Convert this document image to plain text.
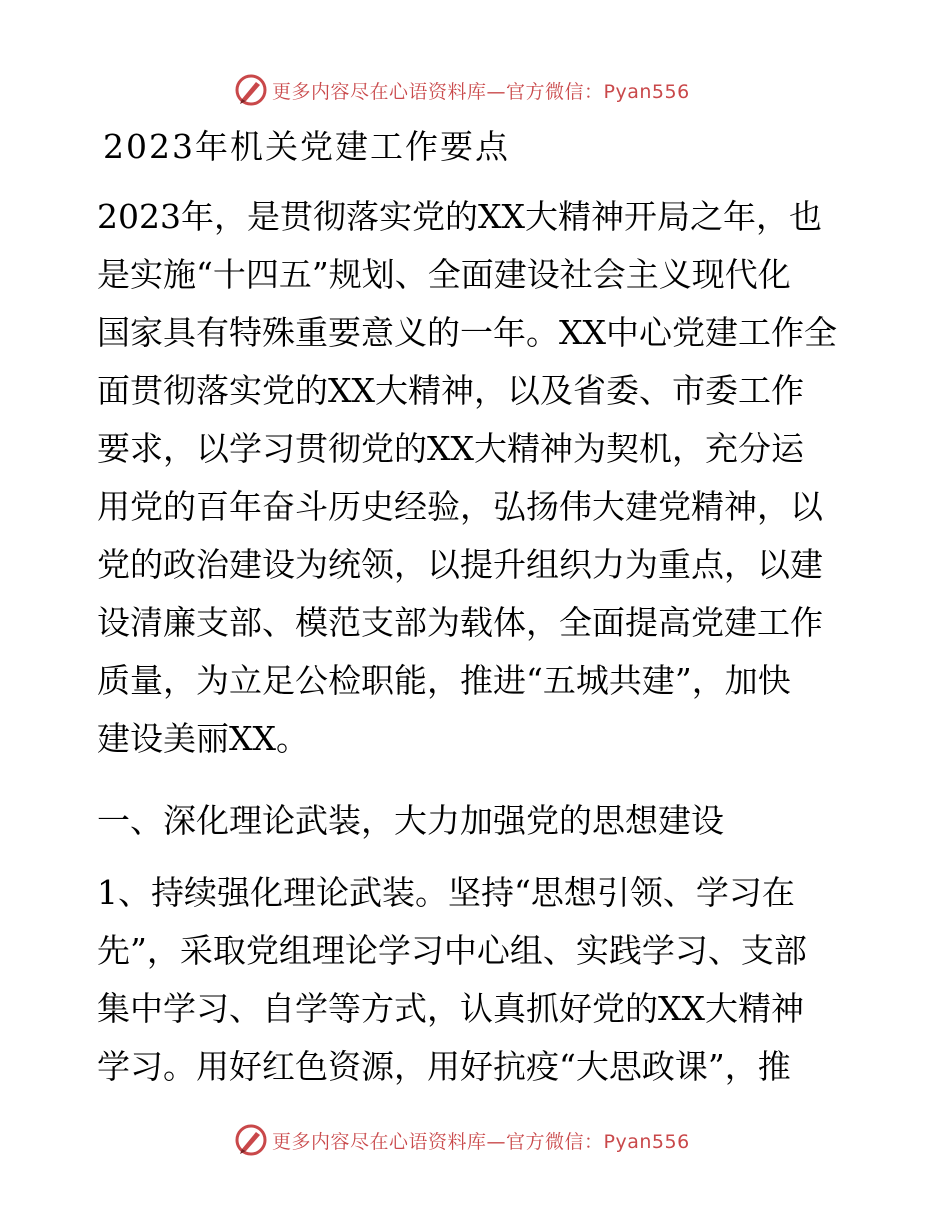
更多内容尽在心语资料库—官方微信：Pyan556
2023年机关党建工作要点
2023年，是贯彻落实党的XX大精神开局之年，也
是实施“十四五”规划、全面建设社会主义现代化
国家具有特殊重要意义的一年。XX中心党建工作全
面贯彻落实党的XX大精神，以及省委、市委工作
要求，以学习贯彻党的XX大精神为契机，充分运
用党的百年奋斗历史经验，弘扬伟大建党精神，以
党的政治建设为统领，以提升组织力为重点，以建
设清廉支部、模范支部为载体，全面提高党建工作
质量，为立足公检职能，推进“五城共建”，加快
建设美丽XX。
一、深化理论武装，大力加强党的思想建设
1、持续强化理论武装。坚持“思想引领、学习在
先”，采取党组理论学习中心组、实践学习、支部
集中学习、自学等方式，认真抓好党的XX大精神
学习。用好红色资源，用好抗疫“大思政课”，推
更多内容尽在心语资料库—官方微信：Pyan556
